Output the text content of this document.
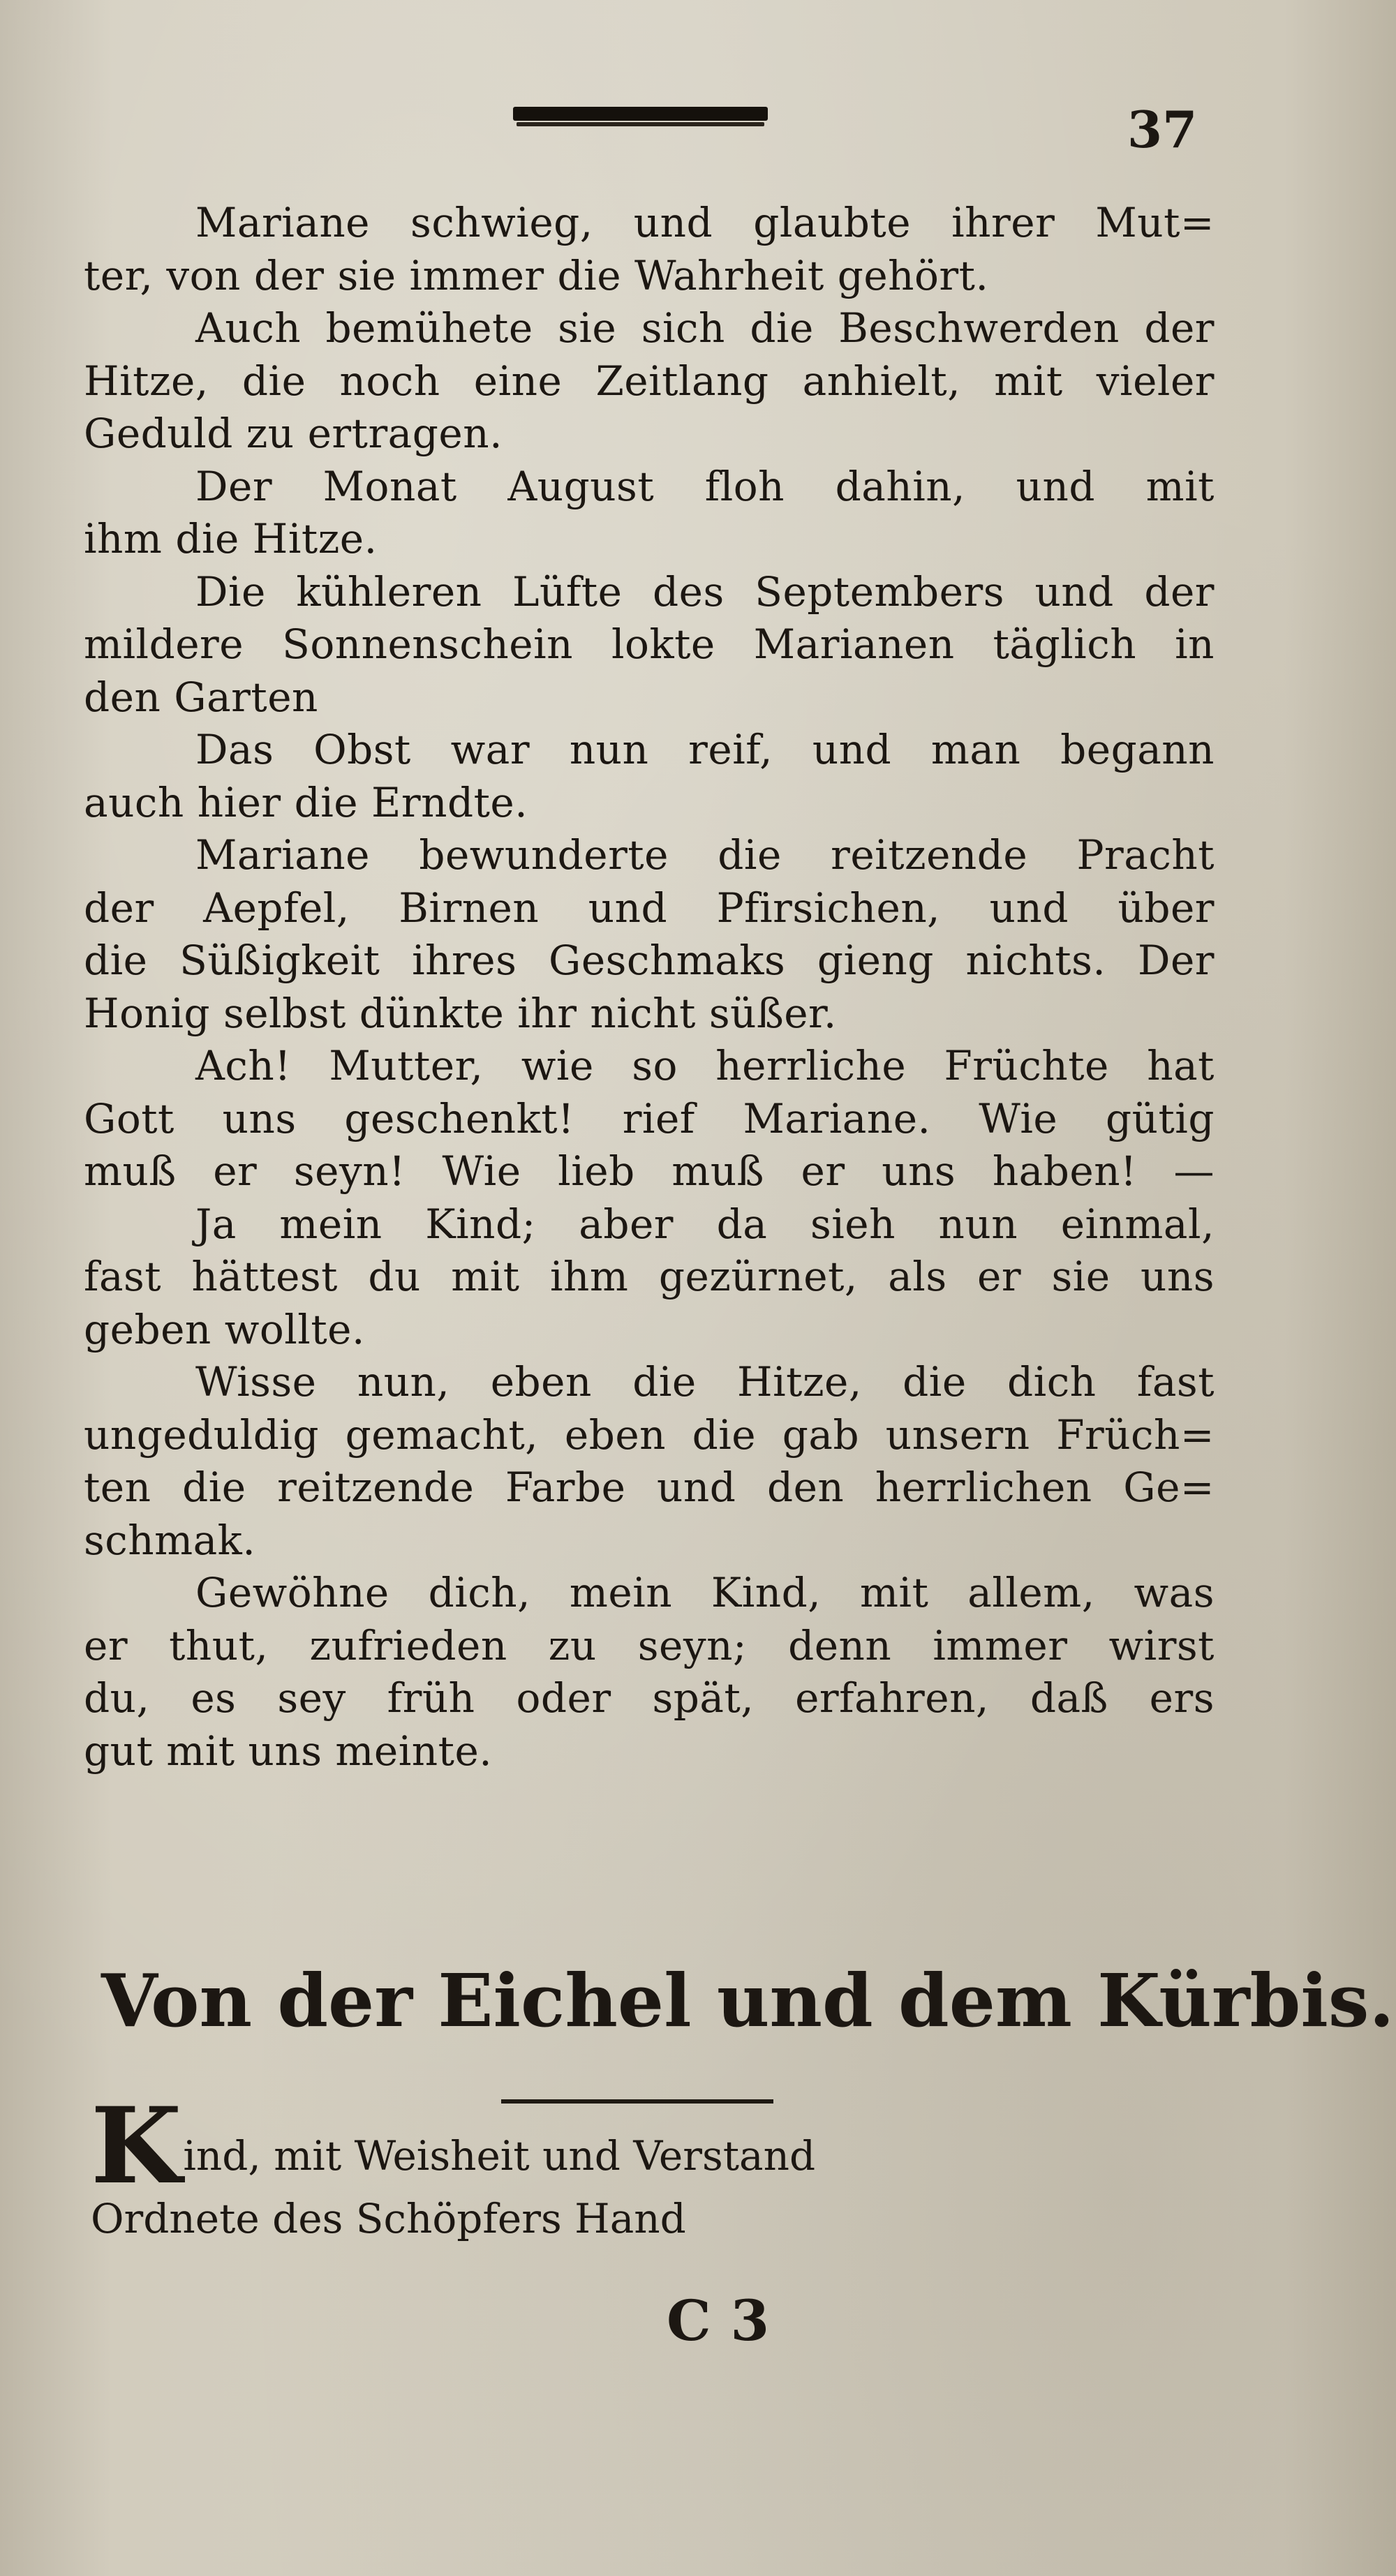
37
Mariane schwieg, und glaubte ihrer Mut=
ter, von der sie immer die Wahrheit gehört.
Auch bemühete sie sich die Beschwerden der
Hitze, die noch eine Zeitlang anhielt, mit vieler
Geduld zu ertragen.
Der Monat August floh dahin, und mit
ihm die Hitze.
Die kühleren Lüfte des Septembers und der
mildere Sonnenschein lokte Marianen täglich in
den Garten
Das Obst war nun reif, und man begann
auch hier die Erndte.
Mariane bewunderte die reitzende Pracht
der Aepfel, Birnen und Pfirsichen, und über
die Süßigkeit ihres Geschmaks gieng nichts. Der
Honig selbst dünkte ihr nicht süßer.
Ach! Mutter, wie so herrliche Früchte hat
Gott uns geschenkt! rief Mariane. Wie gütig
muß er seyn! Wie lieb muß er uns haben! —
Ja mein Kind; aber da sieh nun einmal,
fast hättest du mit ihm gezürnet, als er sie uns
geben wollte.
Wisse nun, eben die Hitze, die dich fast
ungeduldig gemacht, eben die gab unsern Früch=
ten die reitzende Farbe und den herrlichen Ge=
schmak.
Gewöhne dich, mein Kind, mit allem, was
er thut, zufrieden zu seyn; denn immer wirst
du, es sey früh oder spät, erfahren, daß ers
gut mit uns meinte.
Von der Eichel und dem Kürbis.
Kind, mit Weisheit und Verstand
Ordnete des Schöpfers Hand
C 3
